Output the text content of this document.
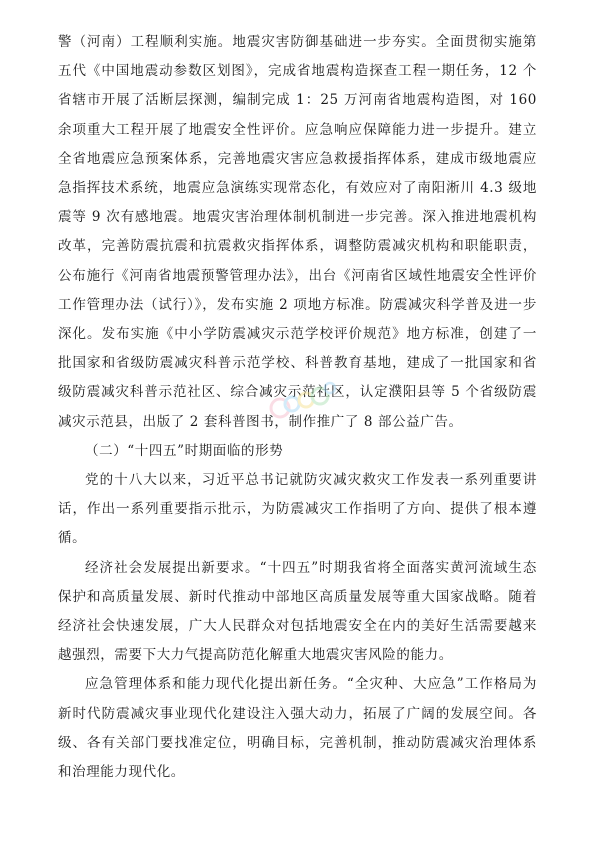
警（河南）工程顺利实施。地震灾害防御基础进一步夯实。全面贯彻实施第五代《中国地震动参数区划图》，完成省地震构造探查工程一期任务，12 个省辖市开展了活断层探测，编制完成 1：25 万河南省地震构造图，对 160 余项重大工程开展了地震安全性评价。应急响应保障能力进一步提升。建立全省地震应急预案体系，完善地震灾害应急救援指挥体系，建成市级地震应急指挥技术系统，地震应急演练实现常态化，有效应对了南阳淅川 4.3 级地震等 9 次有感地震。地震灾害治理体制机制进一步完善。深入推进地震机构改革，完善防震抗震和抗震救灾指挥体系，调整防震减灾机构和职能职责，公布施行《河南省地震预警管理办法》，出台《河南省区域性地震安全性评价工作管理办法（试行）》，发布实施 2 项地方标准。防震减灾科学普及进一步深化。发布实施《中小学防震减灾示范学校评价规范》地方标准，创建了一批国家和省级防震减灾科普示范学校、科普教育基地，建成了一批国家和省级防震减灾科普示范社区、综合减灾示范社区，认定濮阳县等 5 个省级防震减灾示范县，出版了 2 套科普图书，制作推广了 8 部公益广告。

（二）“十四五”时期面临的形势

党的十八大以来，习近平总书记就防灾减灾救灾工作发表一系列重要讲话，作出一系列重要指示批示，为防震减灾工作指明了方向、提供了根本遵循。

经济社会发展提出新要求。“十四五”时期我省将全面落实黄河流域生态保护和高质量发展、新时代推动中部地区高质量发展等重大国家战略。随着经济社会快速发展，广大人民群众对包括地震安全在内的美好生活需要越来越强烈，需要下大力气提高防范化解重大地震灾害风险的能力。

应急管理体系和能力现代化提出新任务。“全灾种、大应急”工作格局为新时代防震减灾事业现代化建设注入强大动力，拓展了广阔的发展空间。各级、各有关部门要找准定位，明确目标，完善机制，推动防震减灾治理体系和治理能力现代化。
